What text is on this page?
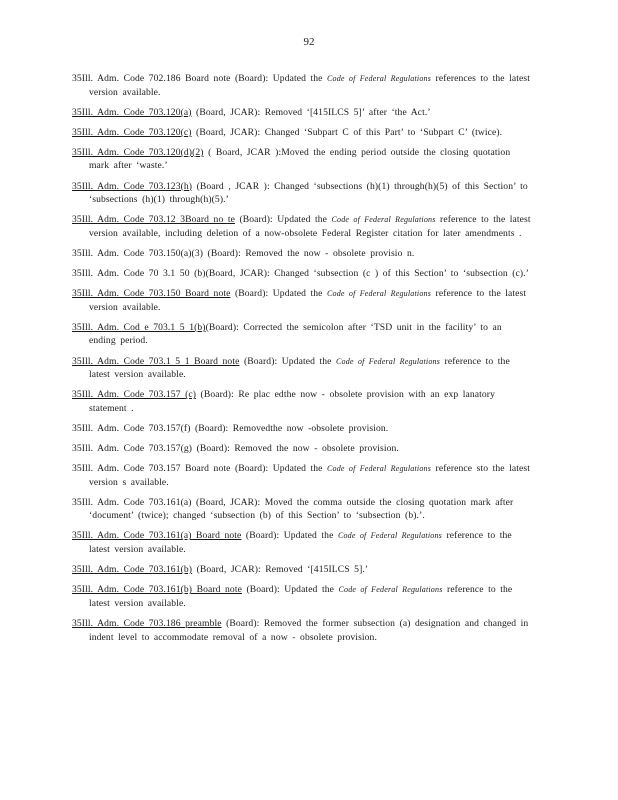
92
35Ill. Adm. Code 702.186 Board note (Board): Updated the Code of Federal Regulations references to the latest version available.
35Ill. Adm. Code 703.120(a) (Board, JCAR): Removed ‘[415ILCS 5]’ after ‘the Act.’
35Ill. Adm. Code 703.120(c) (Board, JCAR): Changed ‘Subpart C of this Part’ to ‘Subpart C’ (twice).
35Ill. Adm. Code 703.120(d)(2) ( Board, JCAR ):Moved the ending period outside the closing quotation mark after ‘waste.’
35Ill. Adm. Code 703.123(h) (Board , JCAR ): Changed ‘subsections (h)(1) through(h)(5) of this Section’ to ‘subsections (h)(1) through(h)(5).’
35Ill. Adm. Code 703.12 3Board no te (Board): Updated the Code of Federal Regulations reference to the latest version available, including deletion of a now-obsolete Federal Register citation for later amendments .
35Ill. Adm. Code 703.150(a)(3) (Board): Removed the now - obsolete provisio n.
35Ill. Adm. Code 70 3.1 50 (b)(Board, JCAR): Changed ‘subsection (c ) of this Section’ to ‘subsection (c).’
35Ill. Adm. Code 703.150 Board note (Board): Updated the Code of Federal Regulations reference to the latest version available.
35Ill. Adm. Cod e 703.1 5 1(b)(Board): Corrected the semicolon after ‘TSD unit in the facility’ to an ending period.
35Ill. Adm. Code 703.1 5 1 Board note (Board): Updated the Code of Federal Regulations reference to the latest version available.
35Ill. Adm. Code 703.157 (c) (Board): Re plac edthe now - obsolete provision with an exp lanatory statement .
35Ill. Adm. Code 703.157(f) (Board): Removedthe now -obsolete provision.
35Ill. Adm. Code 703.157(g) (Board): Removed the now - obsolete provision.
35Ill. Adm. Code 703.157 Board note (Board): Updated the Code of Federal Regulations reference sto the latest version s available.
35Ill. Adm. Code 703.161(a) (Board, JCAR): Moved the comma outside the closing quotation mark after ‘document’ (twice); changed ‘subsection (b) of this Section’ to ‘subsection (b).’.
35Ill. Adm. Code 703.161(a) Board note (Board): Updated the Code of Federal Regulations reference to the latest version available.
35Ill. Adm. Code 703.161(b) (Board, JCAR): Removed ‘[415ILCS 5].’
35Ill. Adm. Code 703.161(b) Board note (Board): Updated the Code of Federal Regulations reference to the latest version available.
35Ill. Adm. Code 703.186 preamble (Board): Removed the former subsection (a) designation and changed in indent level to accommodate removal of a now - obsolete provision.
